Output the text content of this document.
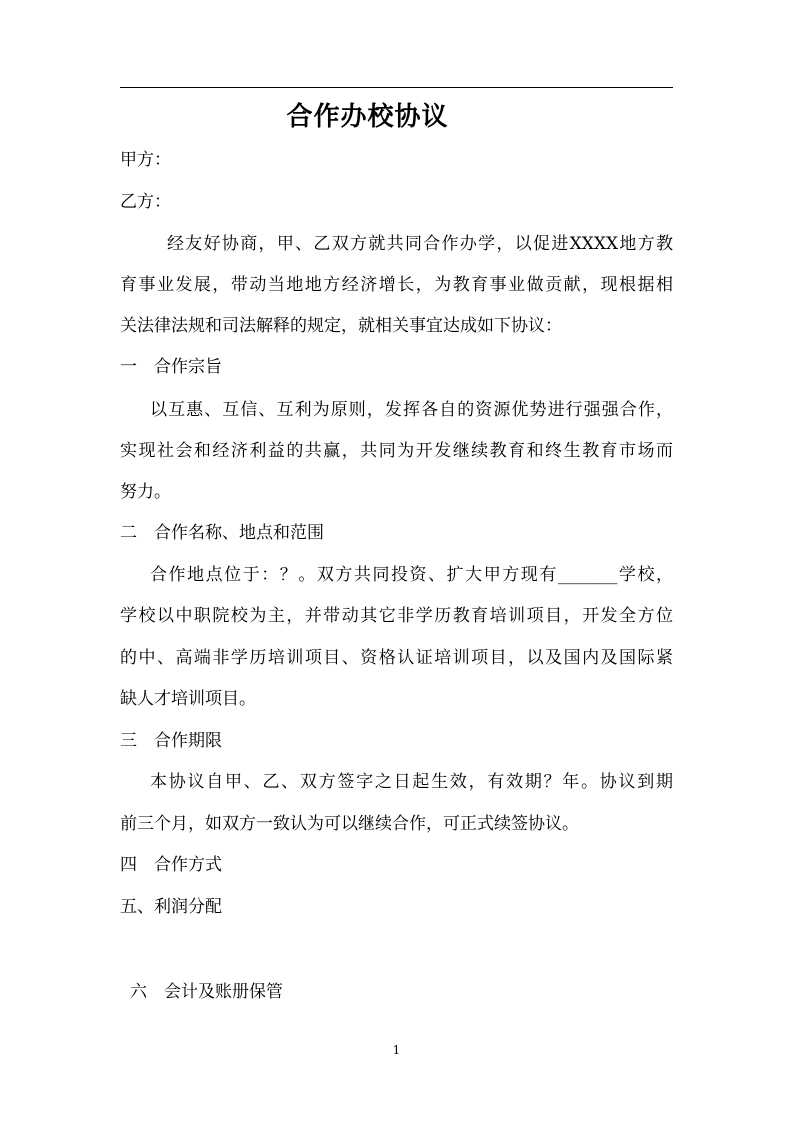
合作办校协议
甲方：
乙方：
经友好协商，甲、乙双方就共同合作办学，以促进XXXX地方教
育事业发展，带动当地地方经济增长，为教育事业做贡献，现根据相
关法律法规和司法解释的规定，就相关事宜达成如下协议：
一　合作宗旨
以互惠、互信、互利为原则，发挥各自的资源优势进行强强合作，
实现社会和经济利益的共赢，共同为开发继续教育和终生教育市场而
努力。
二　合作名称、地点和范围
合作地点位于：？。双方共同投资、扩大甲方现有_______学校，
学校以中职院校为主，并带动其它非学历教育培训项目，开发全方位
的中、高端非学历培训项目、资格认证培训项目，以及国内及国际紧
缺人才培训项目。
三　合作期限
本协议自甲、乙、双方签字之日起生效，有效期？年。协议到期
前三个月，如双方一致认为可以继续合作，可正式续签协议。
四　合作方式
五、利润分配
六　会计及账册保管
1
